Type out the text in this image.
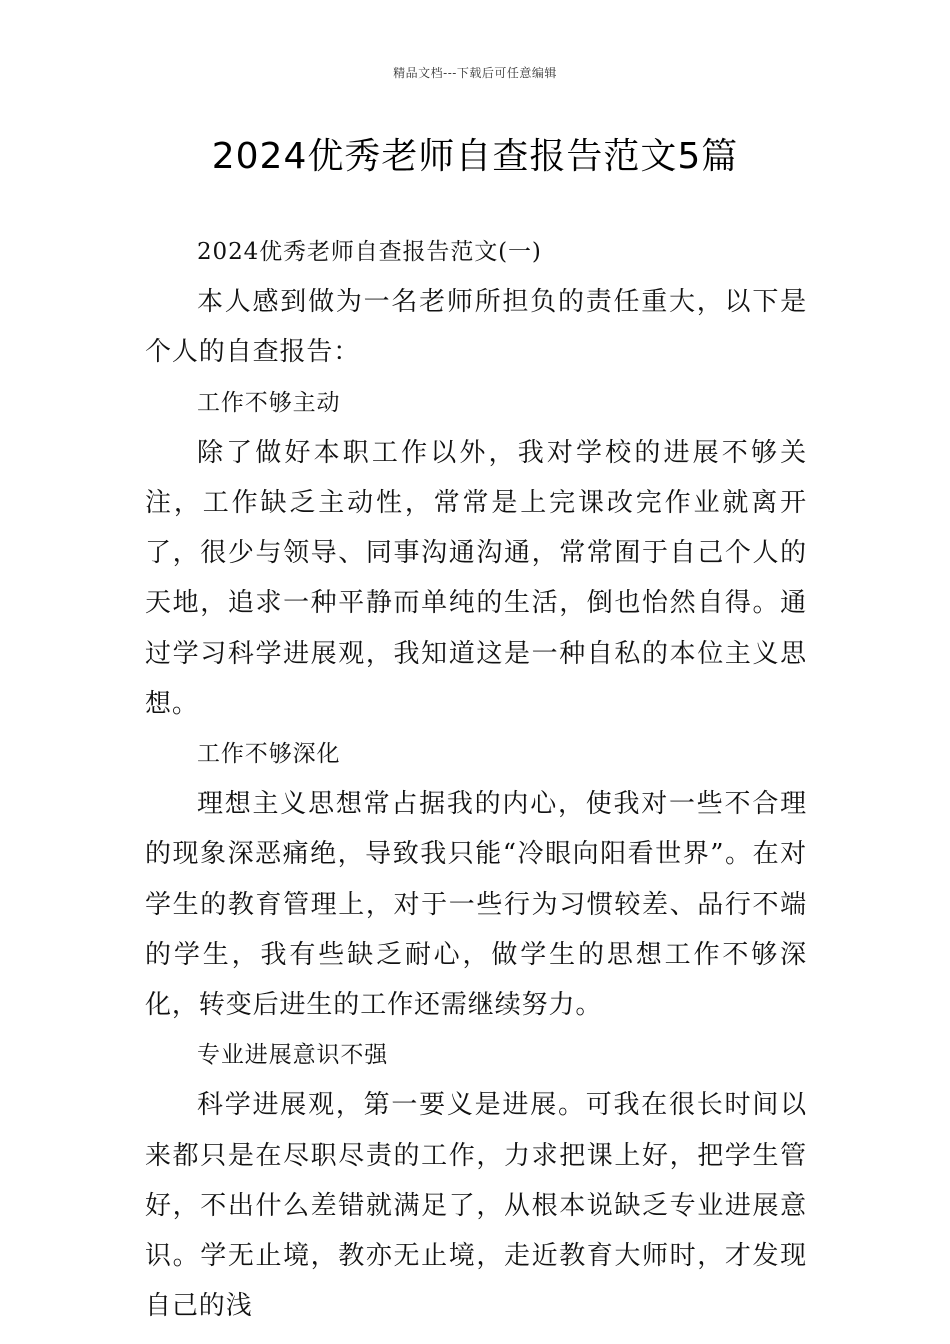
精品文档---下载后可任意编辑
2024优秀老师自查报告范文5篇

2024优秀老师自查报告范文(一)

本人感到做为一名老师所担负的责任重大，以下是个人的自查报告：

工作不够主动

除了做好本职工作以外，我对学校的进展不够关注，工作缺乏主动性，常常是上完课改完作业就离开了，很少与领导、同事沟通沟通，常常囿于自己个人的天地，追求一种平静而单纯的生活，倒也怡然自得。通过学习科学进展观，我知道这是一种自私的本位主义思想。

工作不够深化

理想主义思想常占据我的内心，使我对一些不合理的现象深恶痛绝，导致我只能“冷眼向阳看世界”。在对学生的教育管理上，对于一些行为习惯较差、品行不端的学生，我有些缺乏耐心，做学生的思想工作不够深化，转变后进生的工作还需继续努力。

专业进展意识不强

科学进展观，第一要义是进展。可我在很长时间以来都只是在尽职尽责的工作，力求把课上好，把学生管好，不出什么差错就满足了，从根本说缺乏专业进展意识。学无止境，教亦无止境，走近教育大师时，才发现自己的浅
